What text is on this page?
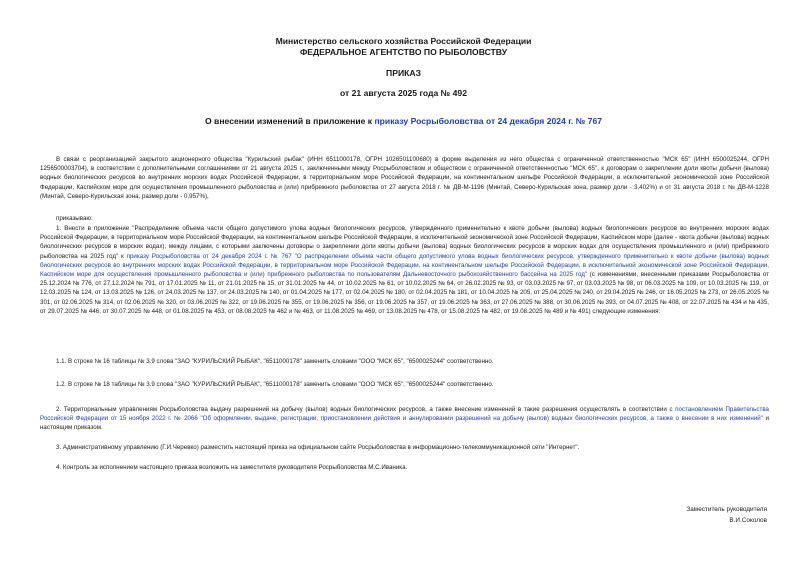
Министерство сельского хозяйства Российской Федерации
ФЕДЕРАЛЬНОЕ АГЕНТСТВО ПО РЫБОЛОВСТВУ
ПРИКАЗ
от 21 августа 2025 года № 492
О внесении изменений в приложение к приказу Росрыболовства от 24 декабря 2024 г. № 767
В связи с реорганизацией закрытого акционерного общества "Курильский рыбак" (ИНН 6511000178, ОГРН 1026501100680) в форме выделения из него общества с ограниченной ответственностью "МСК 65" (ИНН 6500025244, ОГРН 1256500003704), в соответствии с дополнительными соглашениями от 21 августа 2025 г., заключенными между Росрыболовством и обществом с ограниченной ответственностью "МСК 65", к договорам о закреплении доли квоты добычи (вылова) водных биологических ресурсов во внутренних морских водах Российской Федерации, в территориальном море Российской Федерации, на континентальном шельфе Российской Федерации, в исключительной экономической зоне Российской Федерации, Каспийском море для осуществления промышленного рыболовства и (или) прибрежного рыболовства от 27 августа 2018 г. № ДВ-М-1196 (Минтай, Северо-Курильская зона, размер доли - 3,402%) и от 31 августа 2018 г. № ДВ-М-1228 (Минтай, Северо-Курильская зона, размер доли - 0,957%),
приказываю:
1. Внести в приложение "Распределение объема части общего допустимого улова водных биологических ресурсов, утвержденного применительно к квоте добычи (вылова) водных биологических ресурсов во внутренних морских водах Российской Федерации, в территориальном море Российской Федерации, на континентальном шельфе Российской Федерации, в исключительной экономической зоне Российской Федерации, Каспийском море (далее - квота добычи (вылова) водных биологических ресурсов в морских водах), между лицами, с которыми заключены договоры о закреплении доли квоты добычи (вылова) водных биологических ресурсов в морских водах для осуществления промышленного и (или) прибрежного рыболовства на 2025 год" к приказу Росрыболовства от 24 декабря 2024 г. № 767 "О распределении объема части общего допустимого улова водных биологических ресурсов, утвержденного применительно к квоте добычи (вылова) водных биологических ресурсов во внутренних морских водах Российской Федерации, в территориальном море Российской Федерации, на континентальном шельфе Российской Федерации, в исключительной экономической зоне Российской Федерации, Каспийском море для осуществления промышленного рыболовства и (или) прибрежного рыболовства по пользователям Дальневосточного рыбохозяйственного бассейна на 2025 год" (с изменениями, внесенными приказами Росрыболовства от 25.12.2024 № 776, от 27.12.2024 № 791, от 17.01.2025 № 11, от 21.01.2025 № 15, от 31.01.2025 № 44, от 10.02.2025 № 61, от 10.02.2025 № 64, от 26.02.2025 № 93, от 03.03.2025 № 97, от 03.03.2025 № 98, от 06.03.2025 № 109, от 10.03.2025 № 119, от 12.03.2025 № 124, от 13.03.2025 № 126, от 24.03.2025 № 137, от 24.03.2025 № 140, от 01.04.2025 № 177, от 02.04.2025 № 180, от 02.04.2025 № 181, от 10.04.2025 № 205, от 25.04.2025 № 240, от 29.04.2025 № 246, от 16.05.2025 № 273, от 26.05.2025 № 301, от 02.06.2025 № 314, от 02.06.2025 № 320, от 03.06.2025 № 322, от 19.06.2025 № 355, от 19.06.2025 № 356, от 19.06.2025 № 357, от 19.06.2025 № 363, от 27.06.2025 № 388, от 30.06.2025 № 393, от 04.07.2025 № 408, от 22.07.2025 № 434 и № 435, от 29.07.2025 № 446, от 30.07.2025 № 448, от 01.08.2025 № 453, от 08.08.2025 № 462 и № 463, от 11.08.2025 № 469, от 13.08.2025 № 478, от 15.08.2025 № 482, от 19.08.2025 № 489 и № 491) следующие изменения:
1.1. В строке № 16 таблицы № 3.9 слова "ЗАО "КУРИЛЬСКИЙ РЫБАК", "6511000178" заменить словами "ООО "МСК 65", "6500025244" соответственно.
1.2. В строке № 18 таблицы № 3.9 слова "ЗАО "КУРИЛЬСКИЙ РЫБАК", "6511000178" заменить словами "ООО "МСК 65", "6500025244" соответственно.
2. Территориальным управлениям Росрыболовства выдачу разрешений на добычу (вылов) водных биологических ресурсов, а также внесение изменений в такие разрешения осуществлять в соответствии с постановлением Правительства Российской Федерации от 15 ноября 2022 г. № 2066 "Об оформлении, выдаче, регистрации, приостановлении действия и аннулировании разрешений на добычу (вылов) водных биологических ресурсов, а также о внесении в них изменений" и настоящим приказом.
3. Административному управлению (Г.И.Черевко) разместить настоящий приказ на официальном сайте Росрыболовства в информационно-телекоммуникационной сети "Интернет".
4. Контроль за исполнением настоящего приказа возложить на заместителя руководителя Росрыболовства М.С.Иваника.
Заместитель руководителя
В.И.Соколов
